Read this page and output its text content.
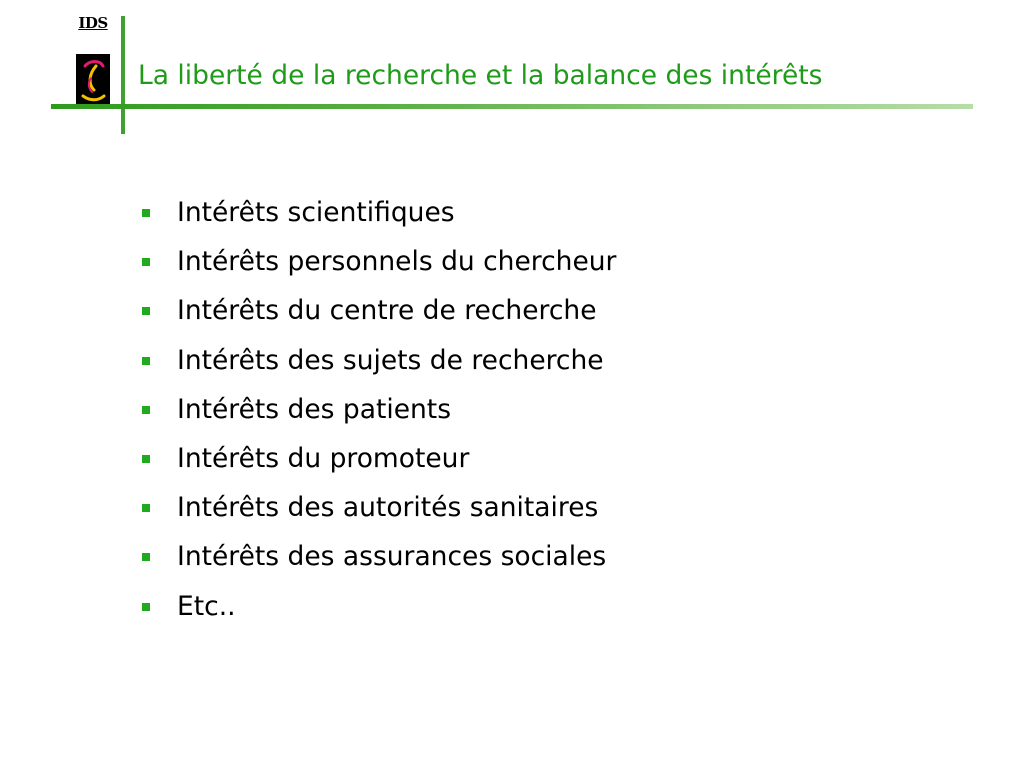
IDS
La liberté de la recherche et la balance des intérêts
Intérêts scientifiques
Intérêts personnels du chercheur
Intérêts du centre de recherche
Intérêts des sujets de recherche
Intérêts des patients
Intérêts du promoteur
Intérêts des autorités sanitaires
Intérêts des assurances sociales
Etc..
